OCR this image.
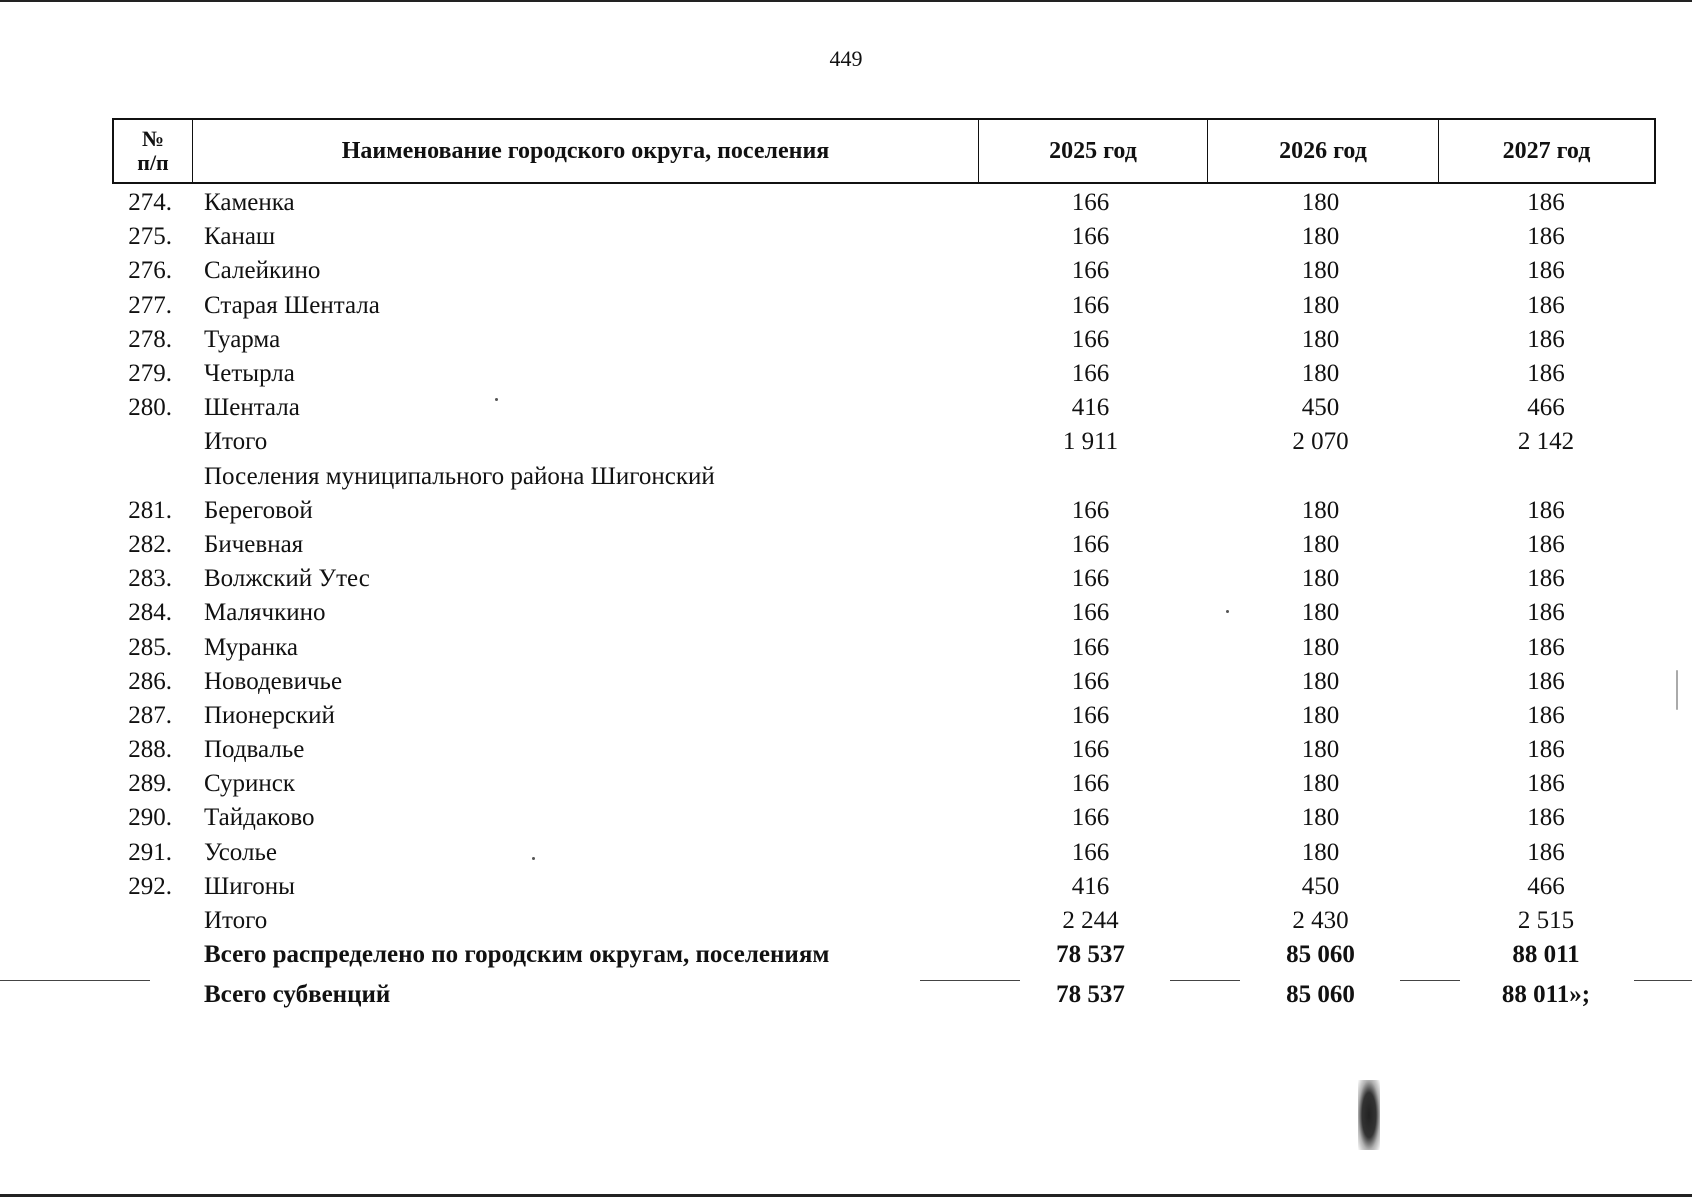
449
№
п/п	Наименование городского округа, поселения	2025 год	2026 год	2027 год
274.	Каменка	166	180	186
275.	Канаш	166	180	186
276.	Салейкино	166	180	186
277.	Старая Шентала	166	180	186
278.	Туарма	166	180	186
279.	Четырла	166	180	186
280.	Шентала	416	450	466
Итого	1 911	2 070	2 142
Поселения муниципального района Шигонский
281.	Береговой	166	180	186
282.	Бичевная	166	180	186
283.	Волжский Утес	166	180	186
284.	Малячкино	166	180	186
285.	Муранка	166	180	186
286.	Новодевичье	166	180	186
287.	Пионерский	166	180	186
288.	Подвалье	166	180	186
289.	Суринск	166	180	186
290.	Тайдаково	166	180	186
291.	Усолье	166	180	186
292.	Шигоны	416	450	466
Итого	2 244	2 430	2 515
Всего распределено по городским округам, поселениям	78 537	85 060	88 011
Всего субвенций	78 537	85 060	88 011»;
